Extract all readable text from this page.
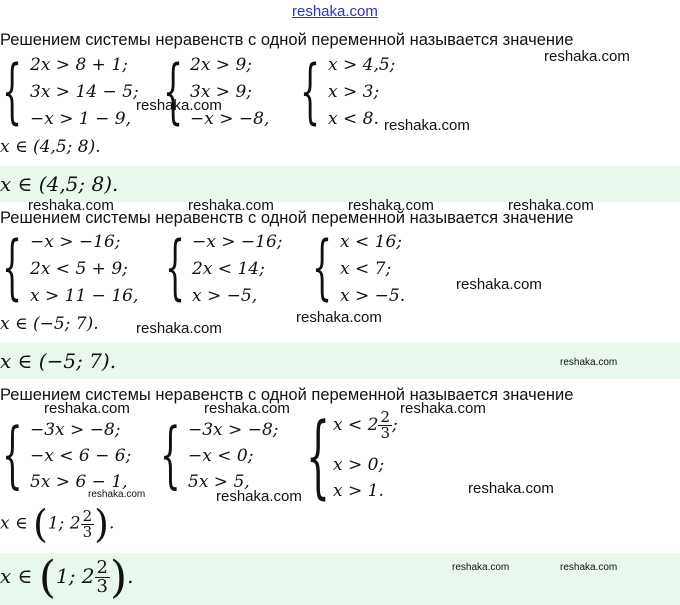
reshaka.com
Решением системы неравенств с одной переменной называется значение
{ 2x > 8 + 1;
3x > 14 − 5;
−x > 1 − 9, { 2x > 9;
3x > 9;
−x > −8, { x > 4,5;
x > 3;
x < 8.
x ∈ (4,5; 8).
x ∈ (4,5; 8).
reshaka.com
reshaka.com
reshaka.com
reshaka.com	reshaka.com	reshaka.com	reshaka.com
Решением системы неравенств с одной переменной называется значение
{ −x > −16;
2x < 5 + 9;
x > 11 − 16, { −x > −16;
2x < 14;
x > −5, { x < 16;
x < 7;
x > −5.
reshaka.com
reshaka.com
x ∈ (−5; 7). reshaka.com
x ∈ (−5; 7).	reshaka.com
Решением системы неравенств с одной переменной называется значение
reshaka.com	reshaka.com	reshaka.com
{ −3x > −8;
−x < 6 − 6;
5x > 6 − 1, { −3x > −8;
−x < 0;
5x > 5, { $x < 2 \frac{2}{3}$ ;
x > 0;
x > 1.	reshaka.com
reshaka.com	reshaka.com
x ∈ (1; $2 \frac{2}{3}$ ).
x ∈ (1; $2 \frac{2}{3}$ ).	reshaka.com	reshaka.com
